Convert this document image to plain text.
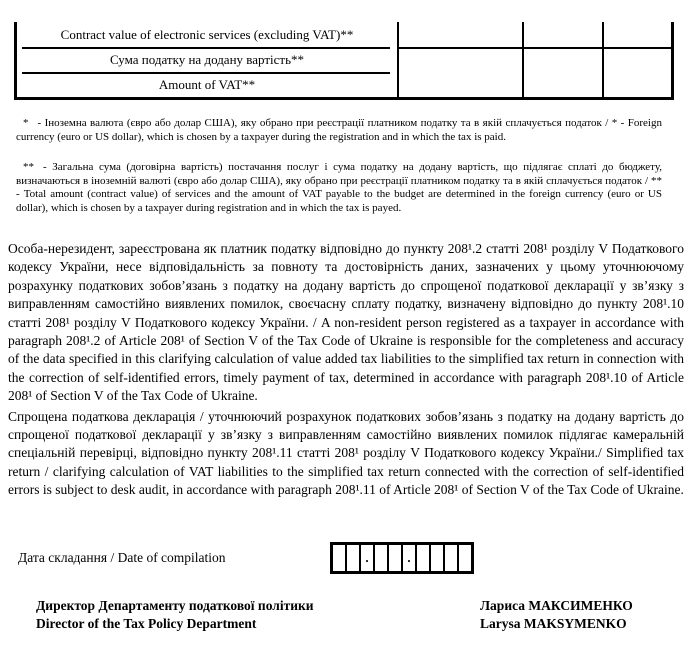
Contract value of electronic services (excluding VAT)**
Сума податку на додану вартість**
Amount of VAT**

* - Іноземна валюта (євро або долар США), яку обрано при реєстрації платником податку та в якій сплачується податок / * - Foreign currency (euro or US dollar), which is chosen by a taxpayer during the registration and in which the tax is paid.

** - Загальна сума (договірна вартість) постачання послуг і сума податку на додану вартість, що підлягає сплаті до бюджету, визначаються в іноземній валюті (євро або долар США), яку обрано при реєстрації платником податку та в якій сплачується податок / ** - Total amount (contract value) of services and the amount of VAT payable to the budget are determined in the foreign currency (euro or US dollar), which is chosen by a taxpayer during registration and in which the tax is payed.

Особа-нерезидент, зареєстрована як платник податку відповідно до пункту 208¹.2 статті 208¹ розділу V Податкового кодексу України, несе відповідальність за повноту та достовірність даних, зазначених у цьому уточнюючому розрахунку податкових зобов’язань з податку на додану вартість до спрощеної податкової декларації у зв’язку з виправленням самостійно виявлених помилок, своєчасну сплату податку, визначену відповідно до пункту 208¹.10 статті 208¹ розділу V Податкового кодексу України. / A non-resident person registered as a taxpayer in accordance with paragraph 208¹.2 of Article 208¹ of Section V of the Tax Code of Ukraine is responsible for the completeness and accuracy of the data specified in this clarifying calculation of value added tax liabilities to the simplified tax return in connection with the correction of self-identified errors, timely payment of tax, determined in accordance with paragraph 208¹.10 of Article 208¹ of Section V of the Tax Code of Ukraine.

Спрощена податкова декларація / уточнюючий розрахунок податкових зобов’язань з податку на додану вартість до спрощеної податкової декларації у зв’язку з виправленням самостійно виявлених помилок підлягає камеральній спеціальній перевірці, відповідно пункту 208¹.11 статті 208¹ розділу V Податкового кодексу України./ Simplified tax return / clarifying calculation of VAT liabilities to the simplified tax return connected with the correction of self-identified errors is subject to desk audit, in accordance with paragraph 208¹.11 of Article 208¹ of Section V of the Tax Code of Ukraine.

Дата складання / Date of compilation	.	.
Директор Департаменту податкової політики
Director of the Tax Policy Department
Лариса МАКСИМЕНКО
Larysa MAKSYMENKO
